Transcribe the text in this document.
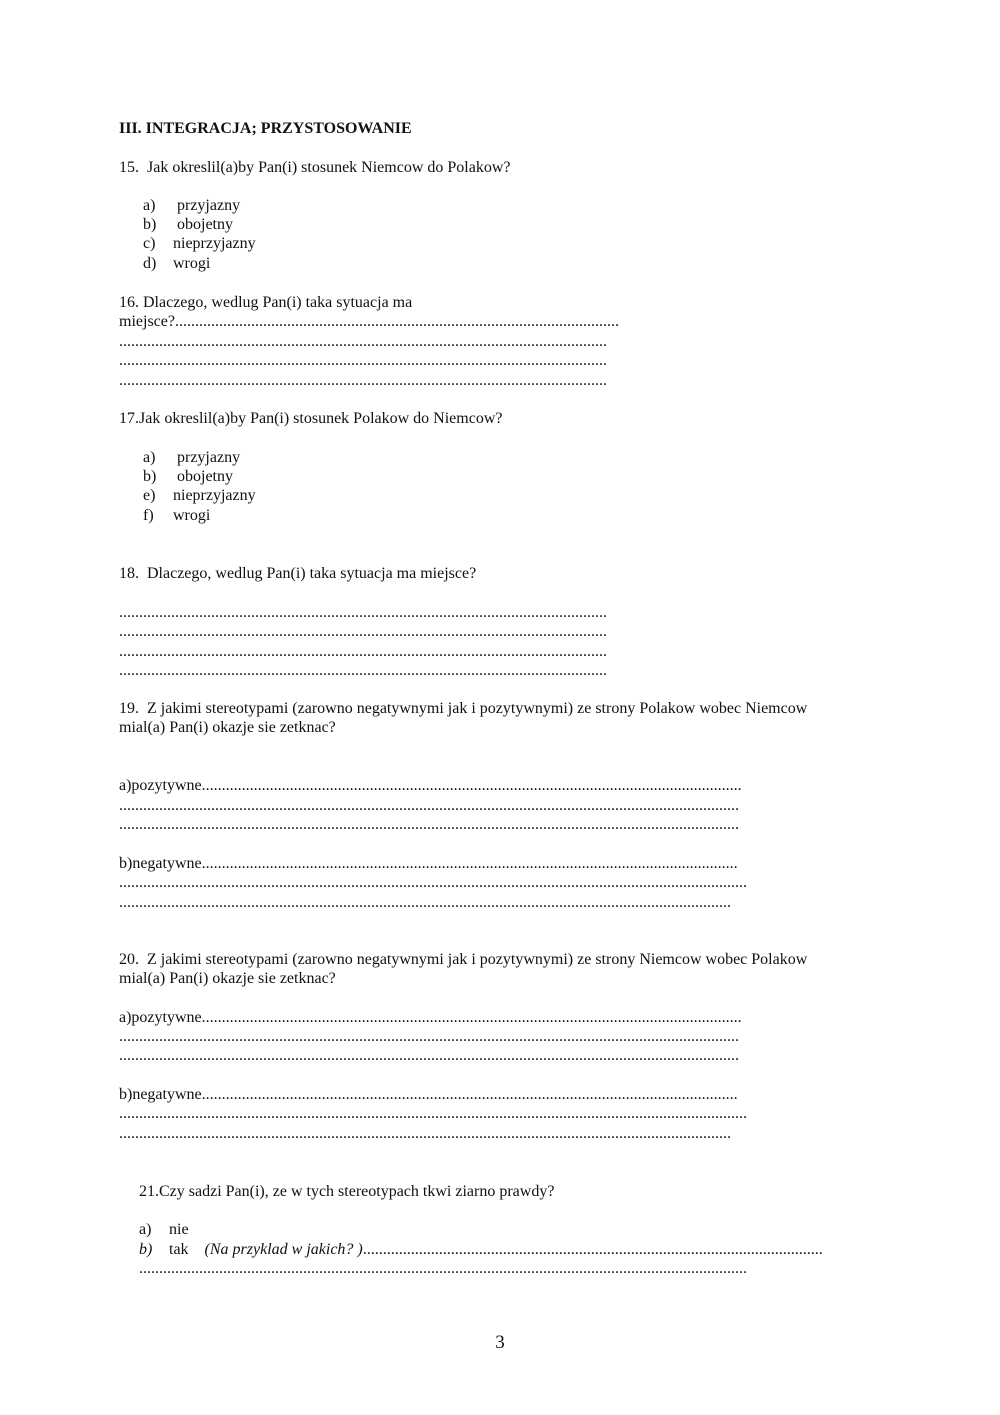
III. INTEGRACJA; PRZYSTOSOWANIE
15.  Jak okreslil(a)by Pan(i) stosunek Niemcow do Polakow?
a) przyjazny
b) obojetny
c) nieprzyjazny
d) wrogi
16. Dlaczego, wedlug Pan(i) taka sytuacja ma
miejsce?...............................................................................................................
..........................................................................................................................
..........................................................................................................................
..........................................................................................................................
17.Jak okreslil(a)by Pan(i) stosunek Polakow do Niemcow?
a) przyjazny
b) obojetny
e) nieprzyjazny
f) wrogi
18.  Dlaczego, wedlug Pan(i) taka sytuacja ma miejsce?
..........................................................................................................................
..........................................................................................................................
..........................................................................................................................
..........................................................................................................................
19.  Z jakimi stereotypami (zarowno negatywnymi jak i pozytywnymi) ze strony Polakow wobec Niemcow
mial(a) Pan(i) okazje sie zetknac?
a)pozytywne.......................................................................................................................................
...........................................................................................................................................................
...........................................................................................................................................................
b)negatywne......................................................................................................................................
.............................................................................................................................................................
.........................................................................................................................................................
20.  Z jakimi stereotypami (zarowno negatywnymi jak i pozytywnymi) ze strony Niemcow wobec Polakow
mial(a) Pan(i) okazje sie zetknac?
a)pozytywne.......................................................................................................................................
...........................................................................................................................................................
...........................................................................................................................................................
b)negatywne......................................................................................................................................
.............................................................................................................................................................
.........................................................................................................................................................
21.Czy sadzi Pan(i), ze w tych stereotypach tkwi ziarno prawdy?
a) nie
b) tak (Na przyklad w jakich? )...................................................................................................................
........................................................................................................................................................
3
